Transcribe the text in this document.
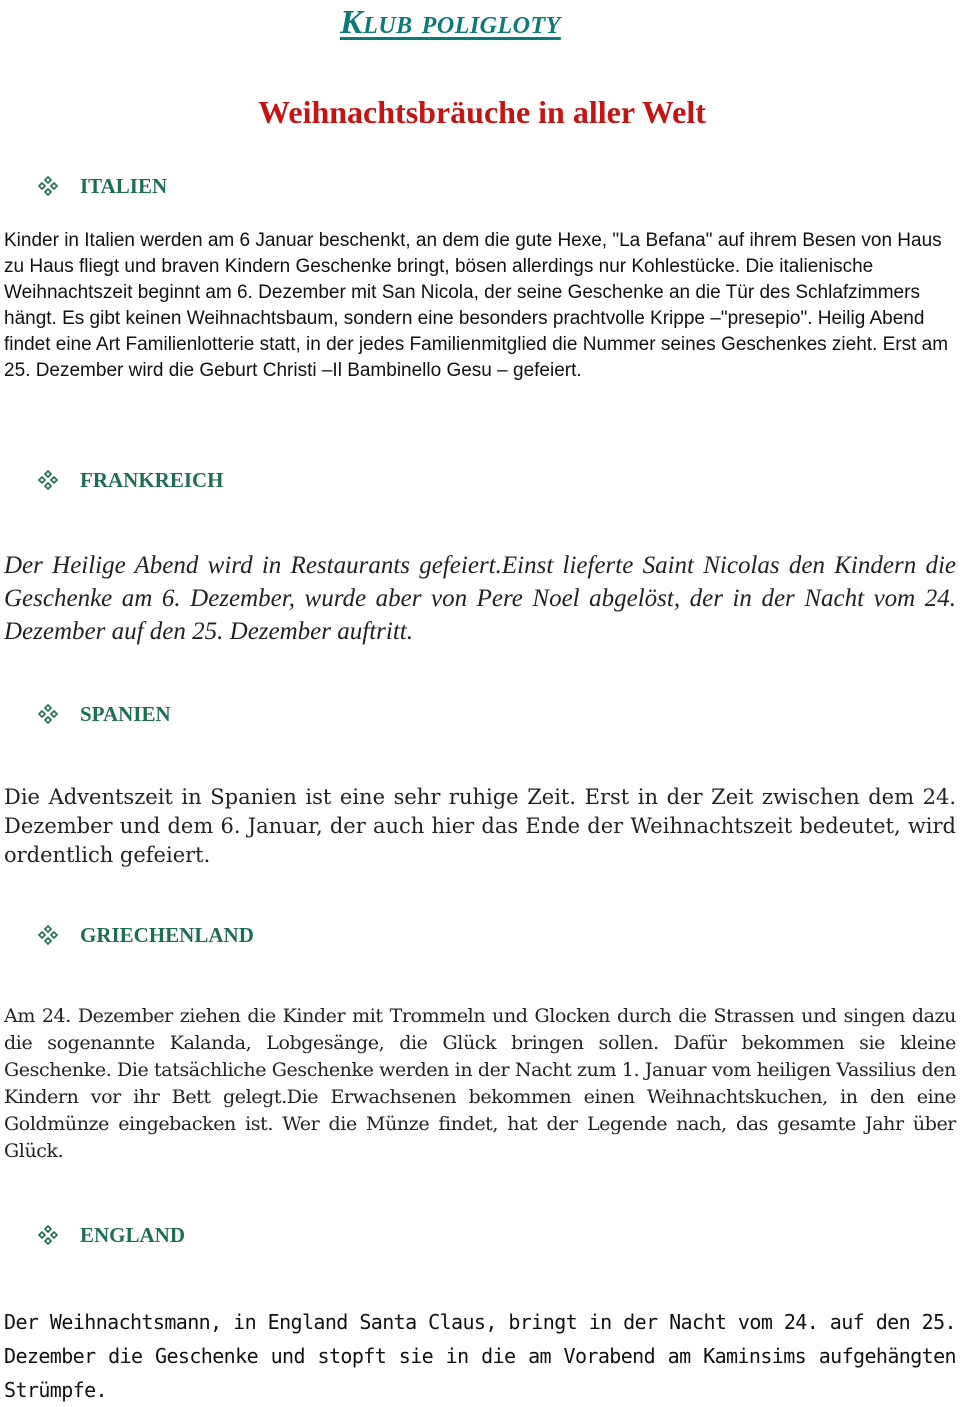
Klub poligloty
Weihnachtsbräuche in aller Welt
ITALIEN

Kinder in Italien werden am 6 Januar beschenkt, an dem die gute Hexe, "La Befana" auf ihrem Besen von Haus zu Haus fliegt und braven Kindern Geschenke bringt, bösen allerdings nur Kohlestücke. Die italienische Weihnachtszeit beginnt am 6. Dezember mit San Nicola, der seine Geschenke an die Tür des Schlafzimmers hängt. Es gibt keinen Weihnachtsbaum, sondern eine besonders prachtvolle Krippe –"presepio". Heilig Abend findet eine Art Familienlotterie statt, in der jedes Familienmitglied die Nummer seines Geschenkes zieht. Erst am 25. Dezember wird die Geburt Christi –Il Bambinello Gesu – gefeiert.

FRANKREICH

Der Heilige Abend wird in Restaurants gefeiert.Einst lieferte Saint Nicolas den Kindern die Geschenke am 6. Dezember, wurde aber von Pere Noel abgelöst, der in der Nacht vom 24. Dezember auf den 25. Dezember auftritt.

SPANIEN

Die Adventszeit in Spanien ist eine sehr ruhige Zeit. Erst in der Zeit zwischen dem 24. Dezember und dem 6. Januar, der auch hier das Ende der Weihnachtszeit bedeutet, wird ordentlich gefeiert.

GRIECHENLAND

Am 24. Dezember ziehen die Kinder mit Trommeln und Glocken durch die Strassen und singen dazu die sogenannte Kalanda, Lobgesänge, die Glück bringen sollen. Dafür bekommen sie kleine Geschenke. Die tatsächliche Geschenke werden in der Nacht zum 1. Januar vom heiligen Vassilius den Kindern vor ihr Bett gelegt.Die Erwachsenen bekommen einen Weihnachtskuchen, in den eine Goldmünze eingebacken ist. Wer die Münze findet, hat der Legende nach, das gesamte Jahr über Glück.

ENGLAND

Der Weihnachtsmann, in England Santa Claus, bringt in der Nacht vom 24. auf den 25. Dezember die Geschenke und stopft sie in die am Vorabend am Kaminsims aufgehängten Strümpfe.
